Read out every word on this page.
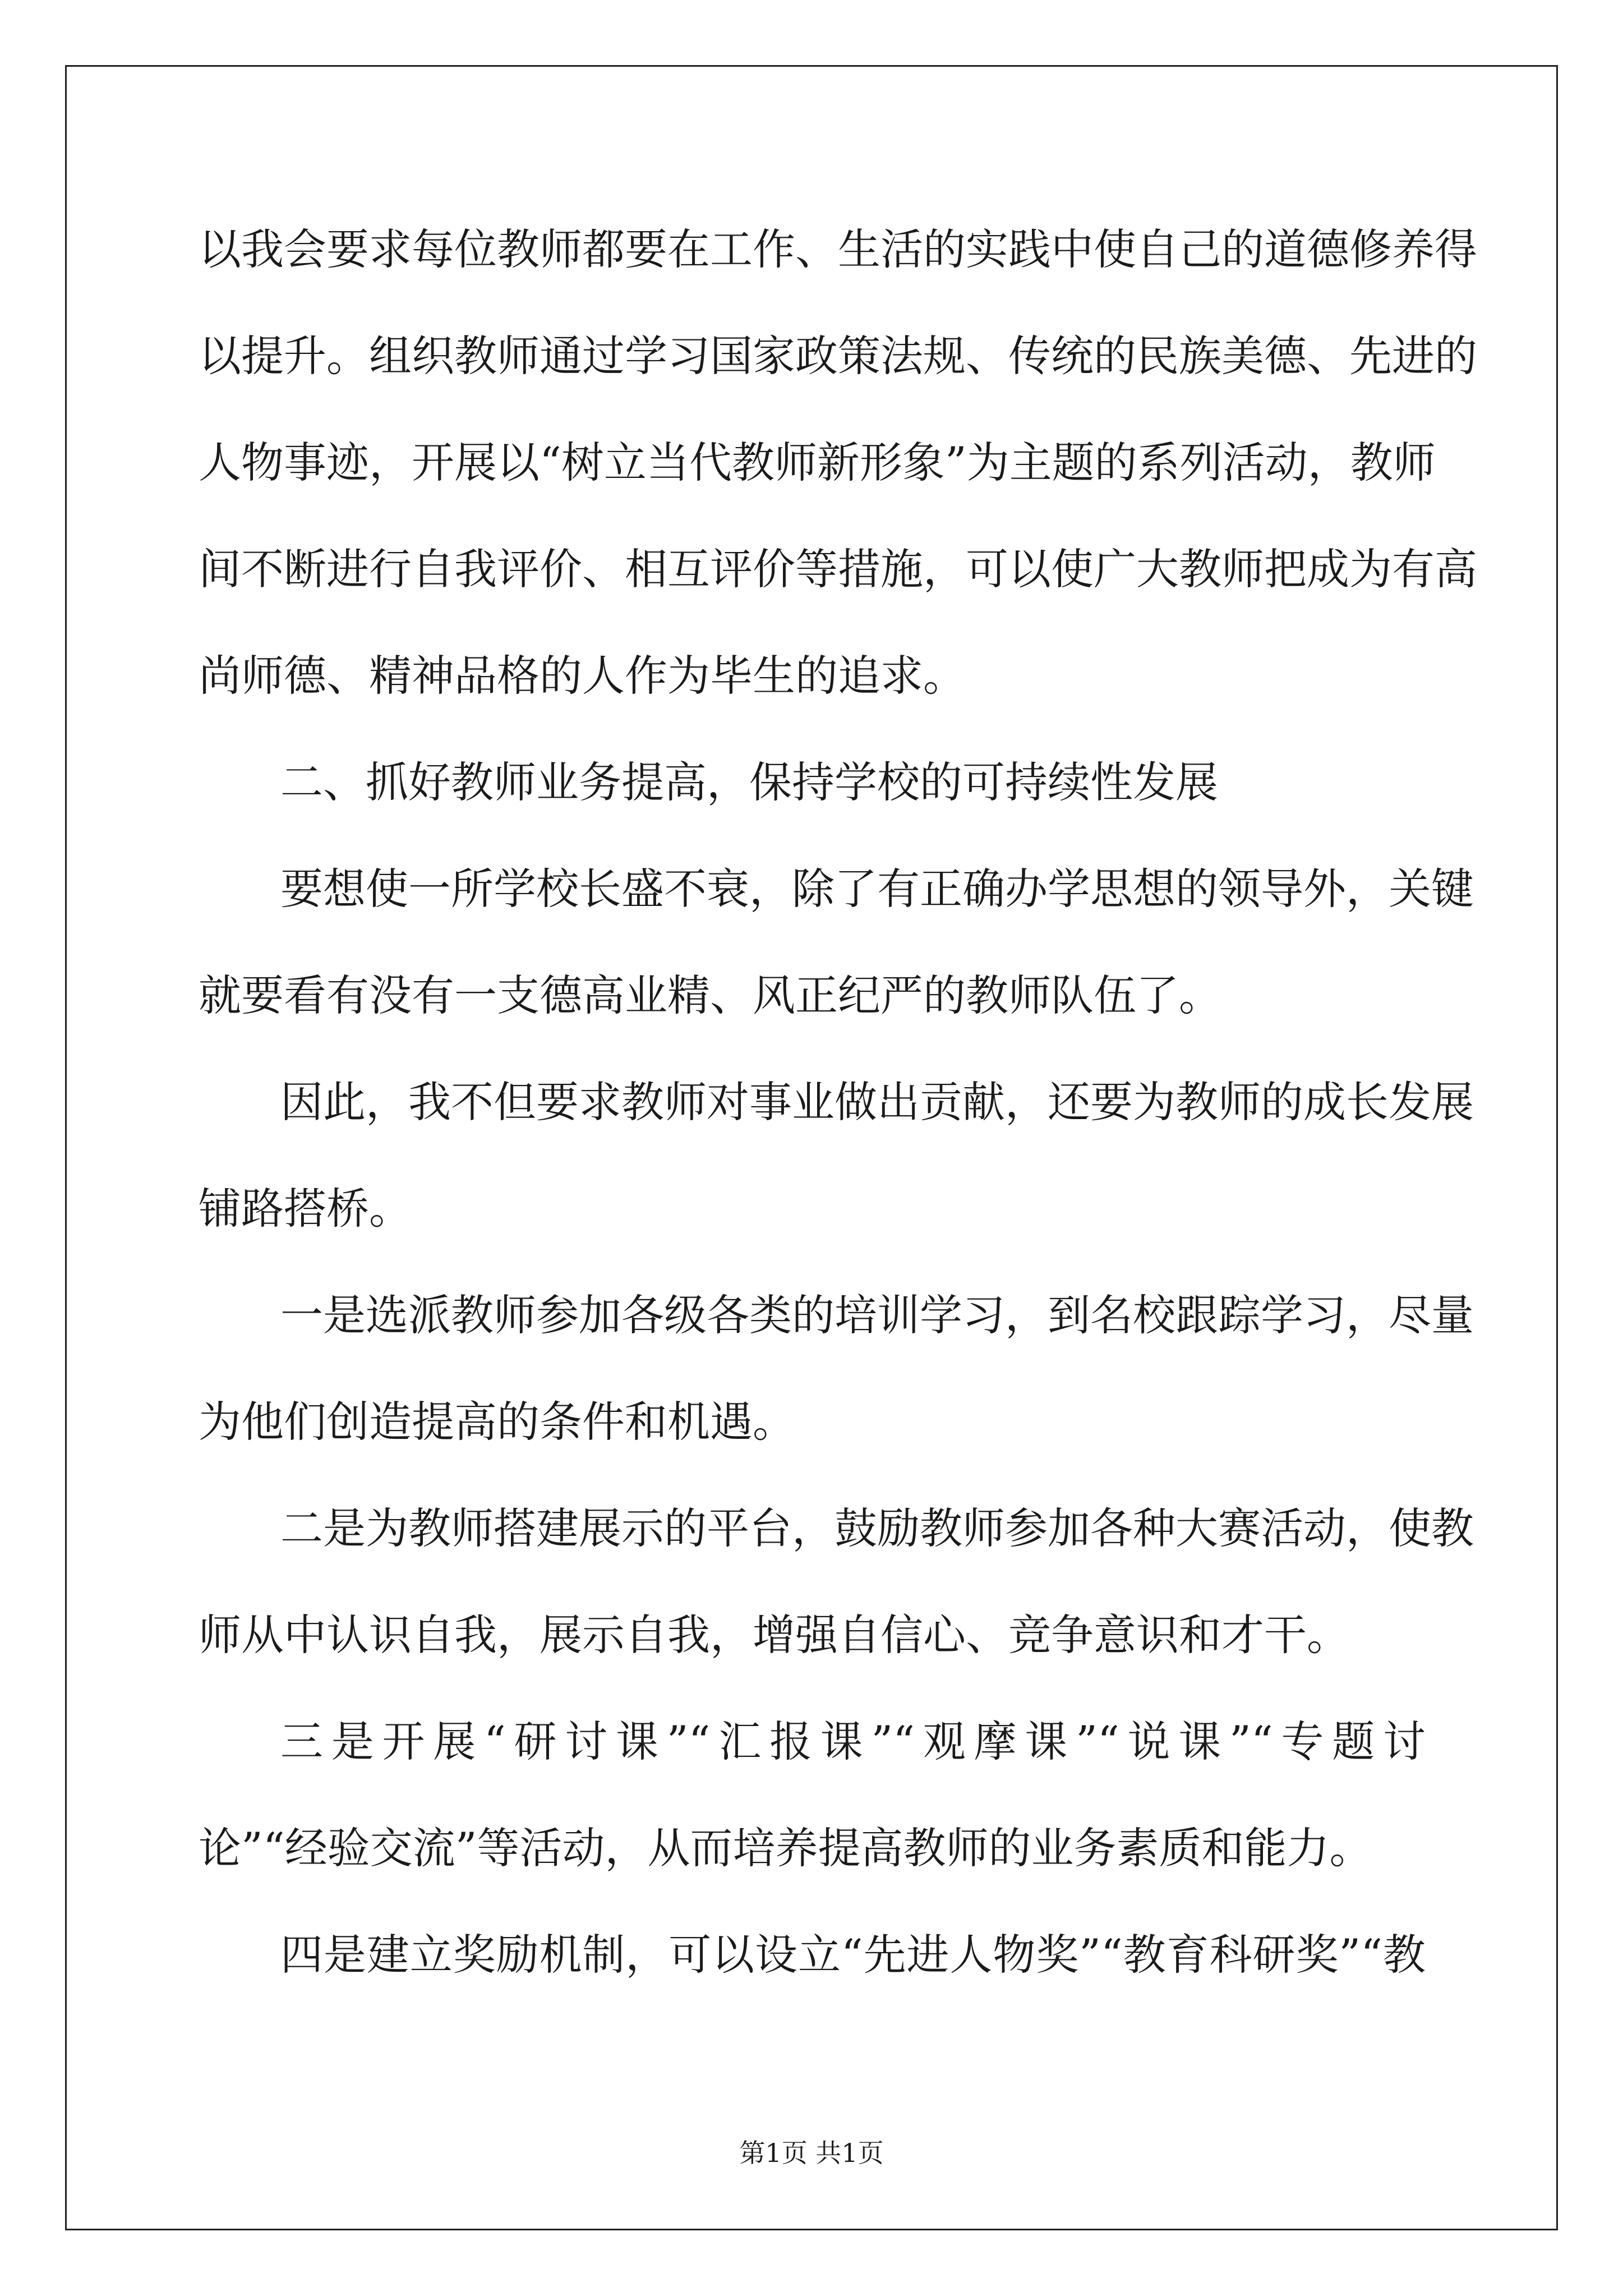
以我会要求每位教师都要在工作、生活的实践中使自己的道德修养得
以提升。组织教师通过学习国家政策法规、传统的民族美德、先进的
人物事迹，开展以“树立当代教师新形象”为主题的系列活动，教师
间不断进行自我评价、相互评价等措施，可以使广大教师把成为有高
尚师德、精神品格的人作为毕生的追求。
二、抓好教师业务提高，保持学校的可持续性发展
要想使一所学校长盛不衰，除了有正确办学思想的领导外，关键
就要看有没有一支德高业精、风正纪严的教师队伍了。
因此，我不但要求教师对事业做出贡献，还要为教师的成长发展
铺路搭桥。
一是选派教师参加各级各类的培训学习，到名校跟踪学习，尽量
为他们创造提高的条件和机遇。
二是为教师搭建展示的平台，鼓励教师参加各种大赛活动，使教
师从中认识自我，展示自我，增强自信心、竞争意识和才干。
三是开展“研讨课”“汇报课”“观摩课”“说课”“专题讨
论”“经验交流”等活动，从而培养提高教师的业务素质和能力。
四是建立奖励机制，可以设立“先进人物奖”“教育科研奖”“教
第1页 共1页
